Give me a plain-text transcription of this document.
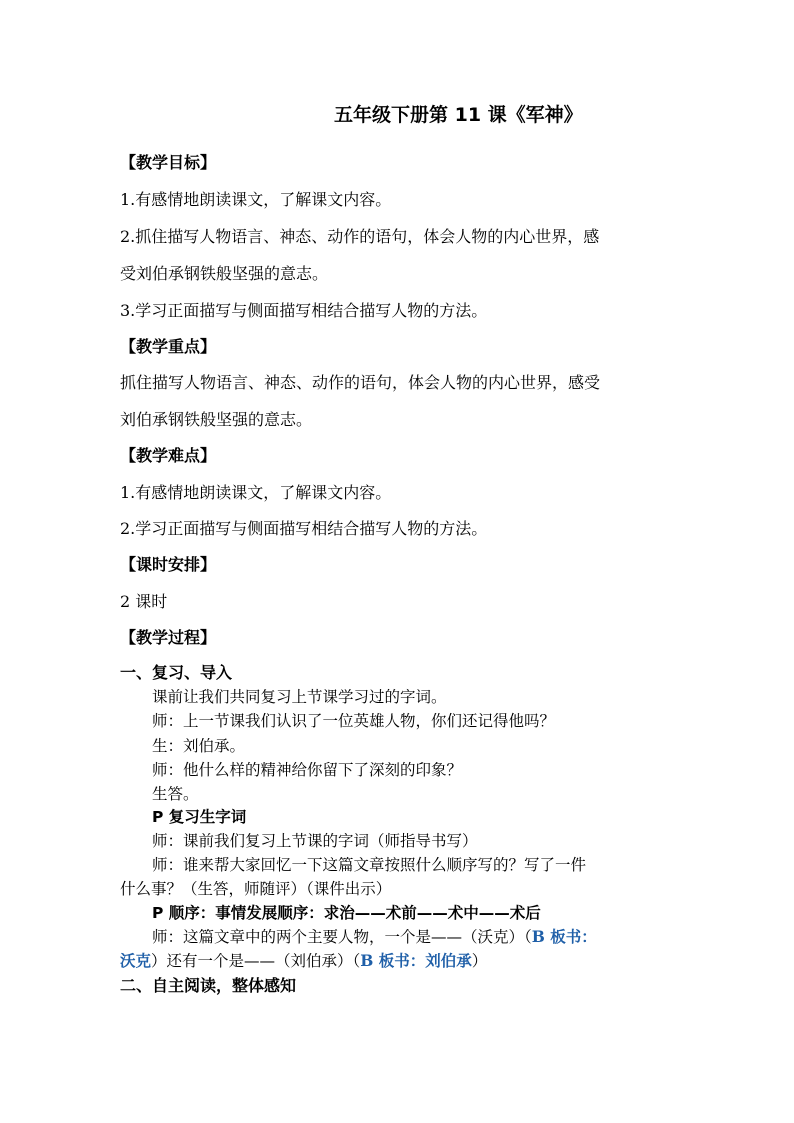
五年级下册第 11 课《军神》
【教学目标】
1.有感情地朗读课文，了解课文内容。
2.抓住描写人物语言、神态、动作的语句，体会人物的内心世界，感
受刘伯承钢铁般坚强的意志。
3.学习正面描写与侧面描写相结合描写人物的方法。
【教学重点】
抓住描写人物语言、神态、动作的语句，体会人物的内心世界，感受
刘伯承钢铁般坚强的意志。
【教学难点】
1.有感情地朗读课文，了解课文内容。
2.学习正面描写与侧面描写相结合描写人物的方法。
【课时安排】
2 课时
【教学过程】
一、复习、导入
课前让我们共同复习上节课学习过的字词。
师：上一节课我们认识了一位英雄人物，你们还记得他吗？
生：刘伯承。
师：他什么样的精神给你留下了深刻的印象？
生答。
P 复习生字词
师：课前我们复习上节课的字词（师指导书写）
师：谁来帮大家回忆一下这篇文章按照什么顺序写的？写了一件
什么事？（生答，师随评）（课件出示）
P 顺序：事情发展顺序：求治——术前——术中——术后
师：这篇文章中的两个主要人物，一个是——（沃克）（B 板书：
沃克）还有一个是——（刘伯承）（B 板书：刘伯承）
二、自主阅读，整体感知
